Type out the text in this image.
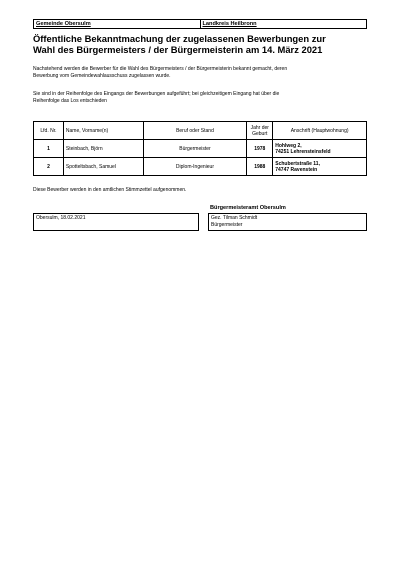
Gemeinde Obersulm	Landkreis Heilbronn
Öffentliche Bekanntmachung der zugelassenen Bewerbungen zur
Wahl des Bürgermeisters / der Bürgermeisterin am 14. März 2021
Nachstehend werden die Bewerber für die Wahl des Bürgermeisters / der Bürgermeisterin bekannt gemacht, deren
Bewerbung vom Gemeindewahlausschuss zugelassen wurde.
Sie sind in der Reihenfolge des Eingangs der Bewerbungen aufgeführt; bei gleichzeitigem Eingang hat über die
Reihenfolge das Los entschieden
Lfd. Nr.	Name, Vorname(n)	Beruf oder Stand	Jahr der
Geburt	Anschrift (Hauptwohnung)
1	Steinbach, Björn	Bürgermeister	1978	Hohlweg 2,
74251 Lehrensteinsfeld

2	Spotteltsbach, Samuel	Diplom-Ingenieur	1988	Schubertstraße 11,
74747 Ravenstein
Diese Bewerber werden in den amtlichen Stimmzettel aufgenommen.
Bürgermeisteramt Obersulm
Obersulm, 18.02.2021		Gez. Tilman Schmidt
Bürgermeister
